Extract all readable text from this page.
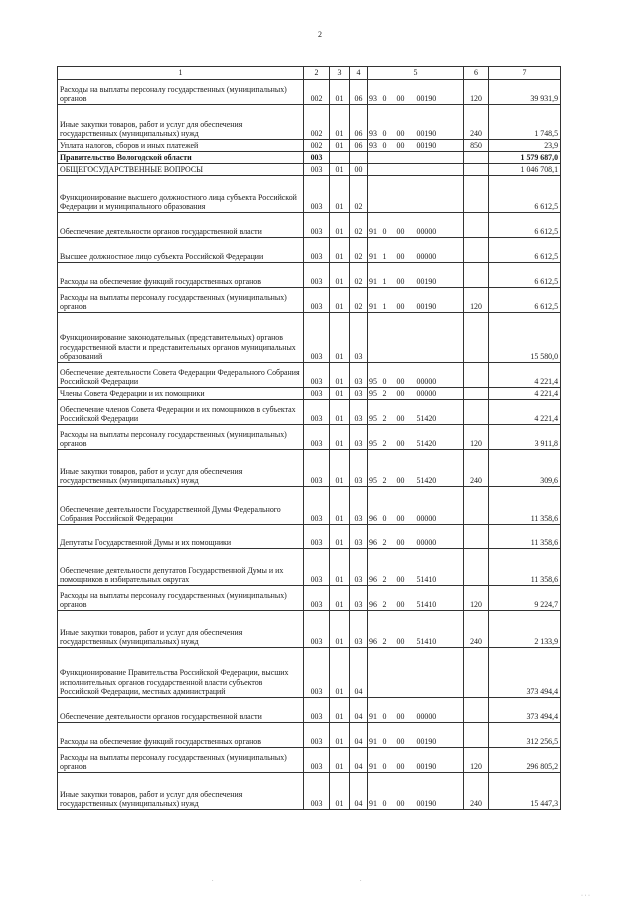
2
1	2	3	4	5				6	7
Расходы на выплаты персоналу государственных (муниципальных) органов	002	01	06	93	0	00	00190	120	39 931,9
Иные закупки товаров, работ и услуг для обеспечения государственных (муниципальных) нужд	002	01	06	93	0	00	00190	240	1 748,5
Уплата налогов, сборов и иных платежей	002	01	06	93	0	00	00190	850	23,9
Правительство Вологодской области	003								1 579 687,0
ОБЩЕГОСУДАРСТВЕННЫЕ ВОПРОСЫ	003	01	00						1 046 708,1
Функционирование высшего должностного лица субъекта Российской Федерации и муниципального образования	003	01	02						6 612,5
Обеспечение деятельности органов государственной власти	003	01	02	91	0	00	00000		6 612,5
Высшее должностное лицо субъекта Российской Федерации	003	01	02	91	1	00	00000		6 612,5
Расходы на обеспечение функций государственных органов	003	01	02	91	1	00	00190		6 612,5
Расходы на выплаты персоналу государственных (муниципальных) органов	003	01	02	91	1	00	00190	120	6 612,5
Функционирование законодательных (представительных) органов государственной власти и представительных органов муниципальных образований	003	01	03						15 580,0
Обеспечение деятельности Совета Федерации Федерального Собрания Российской Федерации	003	01	03	95	0	00	00000		4 221,4
Члены Совета Федерации и их помощники	003	01	03	95	2	00	00000		4 221,4
Обеспечение членов Совета Федерации и их помощников в субъектах Российской Федерации	003	01	03	95	2	00	51420		4 221,4
Расходы на выплаты персоналу государственных (муниципальных) органов	003	01	03	95	2	00	51420	120	3 911,8
Иные закупки товаров, работ и услуг для обеспечения государственных (муниципальных) нужд	003	01	03	95	2	00	51420	240	309,6
Обеспечение деятельности Государственной Думы Федерального Собрания Российской Федерации	003	01	03	96	0	00	00000		11 358,6
Депутаты Государственной Думы и их помощники	003	01	03	96	2	00	00000		11 358,6
Обеспечение деятельности депутатов Государственной Думы и их помощников в избирательных округах	003	01	03	96	2	00	51410		11 358,6
Расходы на выплаты персоналу государственных (муниципальных) органов	003	01	03	96	2	00	51410	120	9 224,7
Иные закупки товаров, работ и услуг для обеспечения государственных (муниципальных) нужд	003	01	03	96	2	00	51410	240	2 133,9
Функционирование Правительства Российской Федерации, высших исполнительных органов государственной власти субъектов Российской Федерации, местных администраций	003	01	04						373 494,4
Обеспечение деятельности органов государственной власти	003	01	04	91	0	00	00000		373 494,4
Расходы на обеспечение функций государственных органов	003	01	04	91	0	00	00190		312 256,5
Расходы на выплаты персоналу государственных (муниципальных) органов	003	01	04	91	0	00	00190	120	296 805,2
Иные закупки товаров, работ и услуг для обеспечения государственных (муниципальных) нужд	003	01	04	91	0	00	00190	240	15 447,3
.	.
· · ·
